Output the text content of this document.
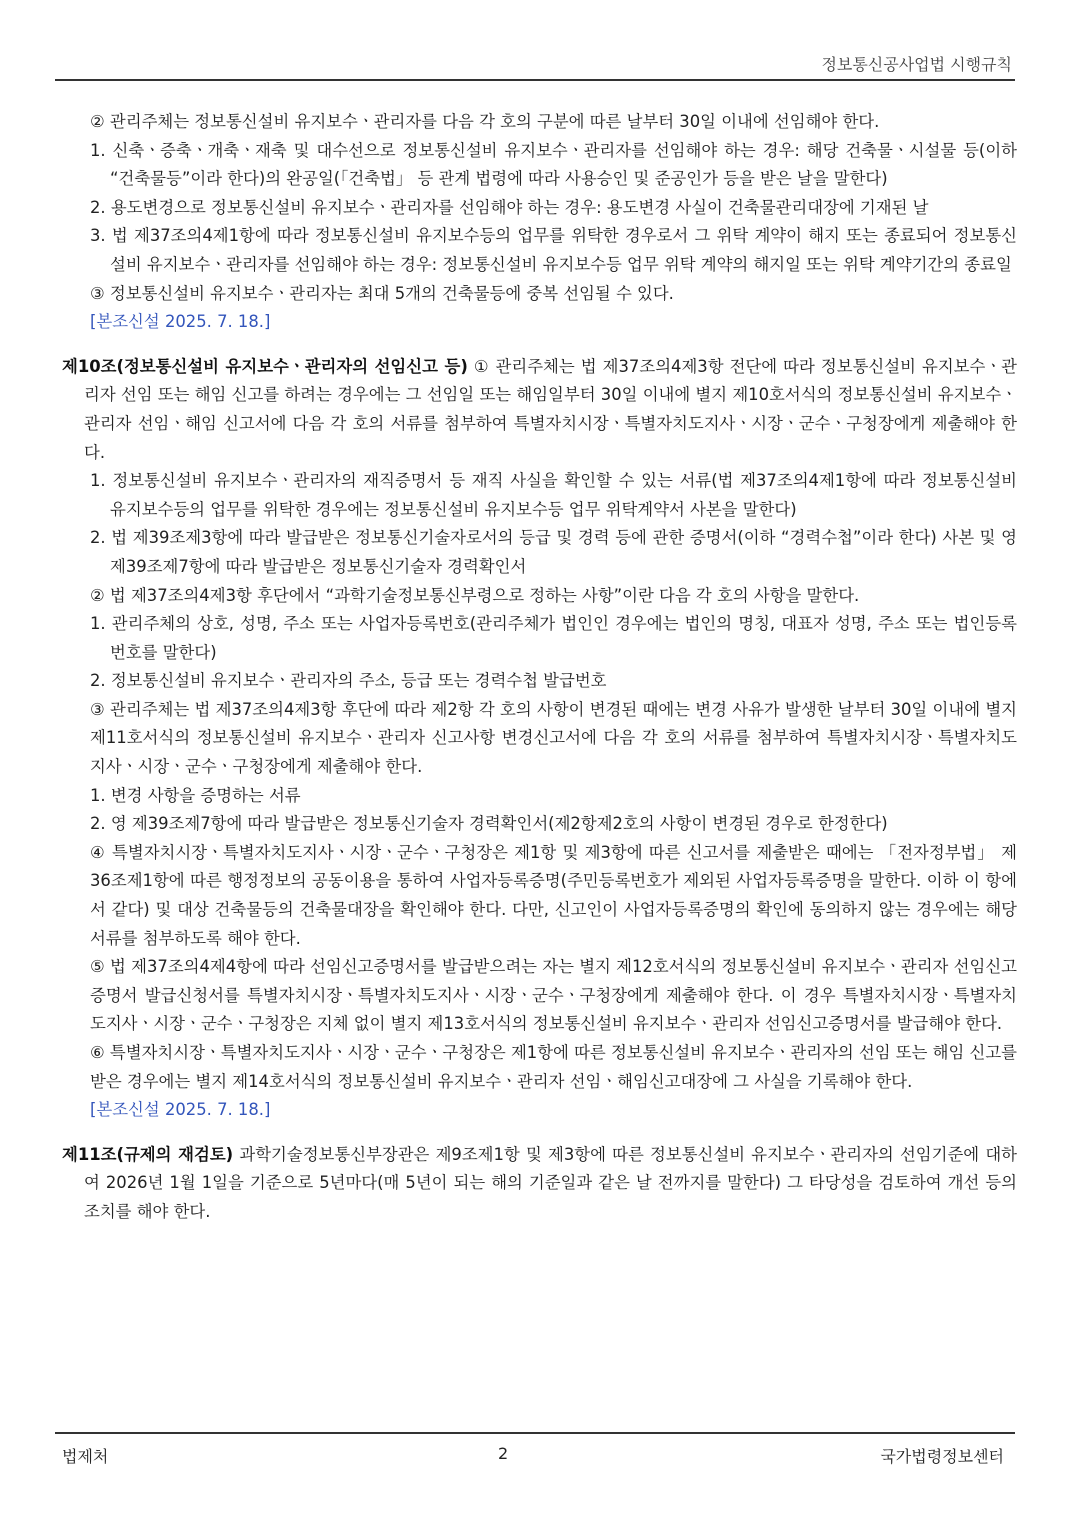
정보통신공사업법 시행규칙

② 관리주체는 정보통신설비 유지보수ㆍ관리자를 다음 각 호의 구분에 따른 날부터 30일 이내에 선임해야 한다.

1. 신축ㆍ증축ㆍ개축ㆍ재축 및 대수선으로 정보통신설비 유지보수ㆍ관리자를 선임해야 하는 경우: 해당 건축물ㆍ시설물 등(이하 “건축물등”이라 한다)의 완공일(「건축법」 등 관계 법령에 따라 사용승인 및 준공인가 등을 받은 날을 말한다)

2. 용도변경으로 정보통신설비 유지보수ㆍ관리자를 선임해야 하는 경우: 용도변경 사실이 건축물관리대장에 기재된 날

3. 법 제37조의4제1항에 따라 정보통신설비 유지보수등의 업무를 위탁한 경우로서 그 위탁 계약이 해지 또는 종료되어 정보통신설비 유지보수ㆍ관리자를 선임해야 하는 경우: 정보통신설비 유지보수등 업무 위탁 계약의 해지일 또는 위탁 계약기간의 종료일

③ 정보통신설비 유지보수ㆍ관리자는 최대 5개의 건축물등에 중복 선임될 수 있다.

[본조신설 2025. 7. 18.]

제10조(정보통신설비 유지보수ㆍ관리자의 선임신고 등) ① 관리주체는 법 제37조의4제3항 전단에 따라 정보통신설비 유지보수ㆍ관리자 선임 또는 해임 신고를 하려는 경우에는 그 선임일 또는 해임일부터 30일 이내에 별지 제10호서식의 정보통신설비 유지보수ㆍ관리자 선임ㆍ해임 신고서에 다음 각 호의 서류를 첨부하여 특별자치시장ㆍ특별자치도지사ㆍ시장ㆍ군수ㆍ구청장에게 제출해야 한다.

1. 정보통신설비 유지보수ㆍ관리자의 재직증명서 등 재직 사실을 확인할 수 있는 서류(법 제37조의4제1항에 따라 정보통신설비 유지보수등의 업무를 위탁한 경우에는 정보통신설비 유지보수등 업무 위탁계약서 사본을 말한다)

2. 법 제39조제3항에 따라 발급받은 정보통신기술자로서의 등급 및 경력 등에 관한 증명서(이하 “경력수첩”이라 한다) 사본 및 영 제39조제7항에 따라 발급받은 정보통신기술자 경력확인서

② 법 제37조의4제3항 후단에서 “과학기술정보통신부령으로 정하는 사항”이란 다음 각 호의 사항을 말한다.

1. 관리주체의 상호, 성명, 주소 또는 사업자등록번호(관리주체가 법인인 경우에는 법인의 명칭, 대표자 성명, 주소 또는 법인등록번호를 말한다)

2. 정보통신설비 유지보수ㆍ관리자의 주소, 등급 또는 경력수첩 발급번호

③ 관리주체는 법 제37조의4제3항 후단에 따라 제2항 각 호의 사항이 변경된 때에는 변경 사유가 발생한 날부터 30일 이내에 별지 제11호서식의 정보통신설비 유지보수ㆍ관리자 신고사항 변경신고서에 다음 각 호의 서류를 첨부하여 특별자치시장ㆍ특별자치도지사ㆍ시장ㆍ군수ㆍ구청장에게 제출해야 한다.

1. 변경 사항을 증명하는 서류

2. 영 제39조제7항에 따라 발급받은 정보통신기술자 경력확인서(제2항제2호의 사항이 변경된 경우로 한정한다)

④ 특별자치시장ㆍ특별자치도지사ㆍ시장ㆍ군수ㆍ구청장은 제1항 및 제3항에 따른 신고서를 제출받은 때에는 「전자정부법」 제36조제1항에 따른 행정정보의 공동이용을 통하여 사업자등록증명(주민등록번호가 제외된 사업자등록증명을 말한다. 이하 이 항에서 같다) 및 대상 건축물등의 건축물대장을 확인해야 한다. 다만, 신고인이 사업자등록증명의 확인에 동의하지 않는 경우에는 해당 서류를 첨부하도록 해야 한다.

⑤ 법 제37조의4제4항에 따라 선임신고증명서를 발급받으려는 자는 별지 제12호서식의 정보통신설비 유지보수ㆍ관리자 선임신고증명서 발급신청서를 특별자치시장ㆍ특별자치도지사ㆍ시장ㆍ군수ㆍ구청장에게 제출해야 한다. 이 경우 특별자치시장ㆍ특별자치도지사ㆍ시장ㆍ군수ㆍ구청장은 지체 없이 별지 제13호서식의 정보통신설비 유지보수ㆍ관리자 선임신고증명서를 발급해야 한다.

⑥ 특별자치시장ㆍ특별자치도지사ㆍ시장ㆍ군수ㆍ구청장은 제1항에 따른 정보통신설비 유지보수ㆍ관리자의 선임 또는 해임 신고를 받은 경우에는 별지 제14호서식의 정보통신설비 유지보수ㆍ관리자 선임ㆍ해임신고대장에 그 사실을 기록해야 한다.

[본조신설 2025. 7. 18.]

제11조(규제의 재검토) 과학기술정보통신부장관은 제9조제1항 및 제3항에 따른 정보통신설비 유지보수ㆍ관리자의 선임기준에 대하여 2026년 1월 1일을 기준으로 5년마다(매 5년이 되는 해의 기준일과 같은 날 전까지를 말한다) 그 타당성을 검토하여 개선 등의 조치를 해야 한다.

법제처	2	국가법령정보센터
